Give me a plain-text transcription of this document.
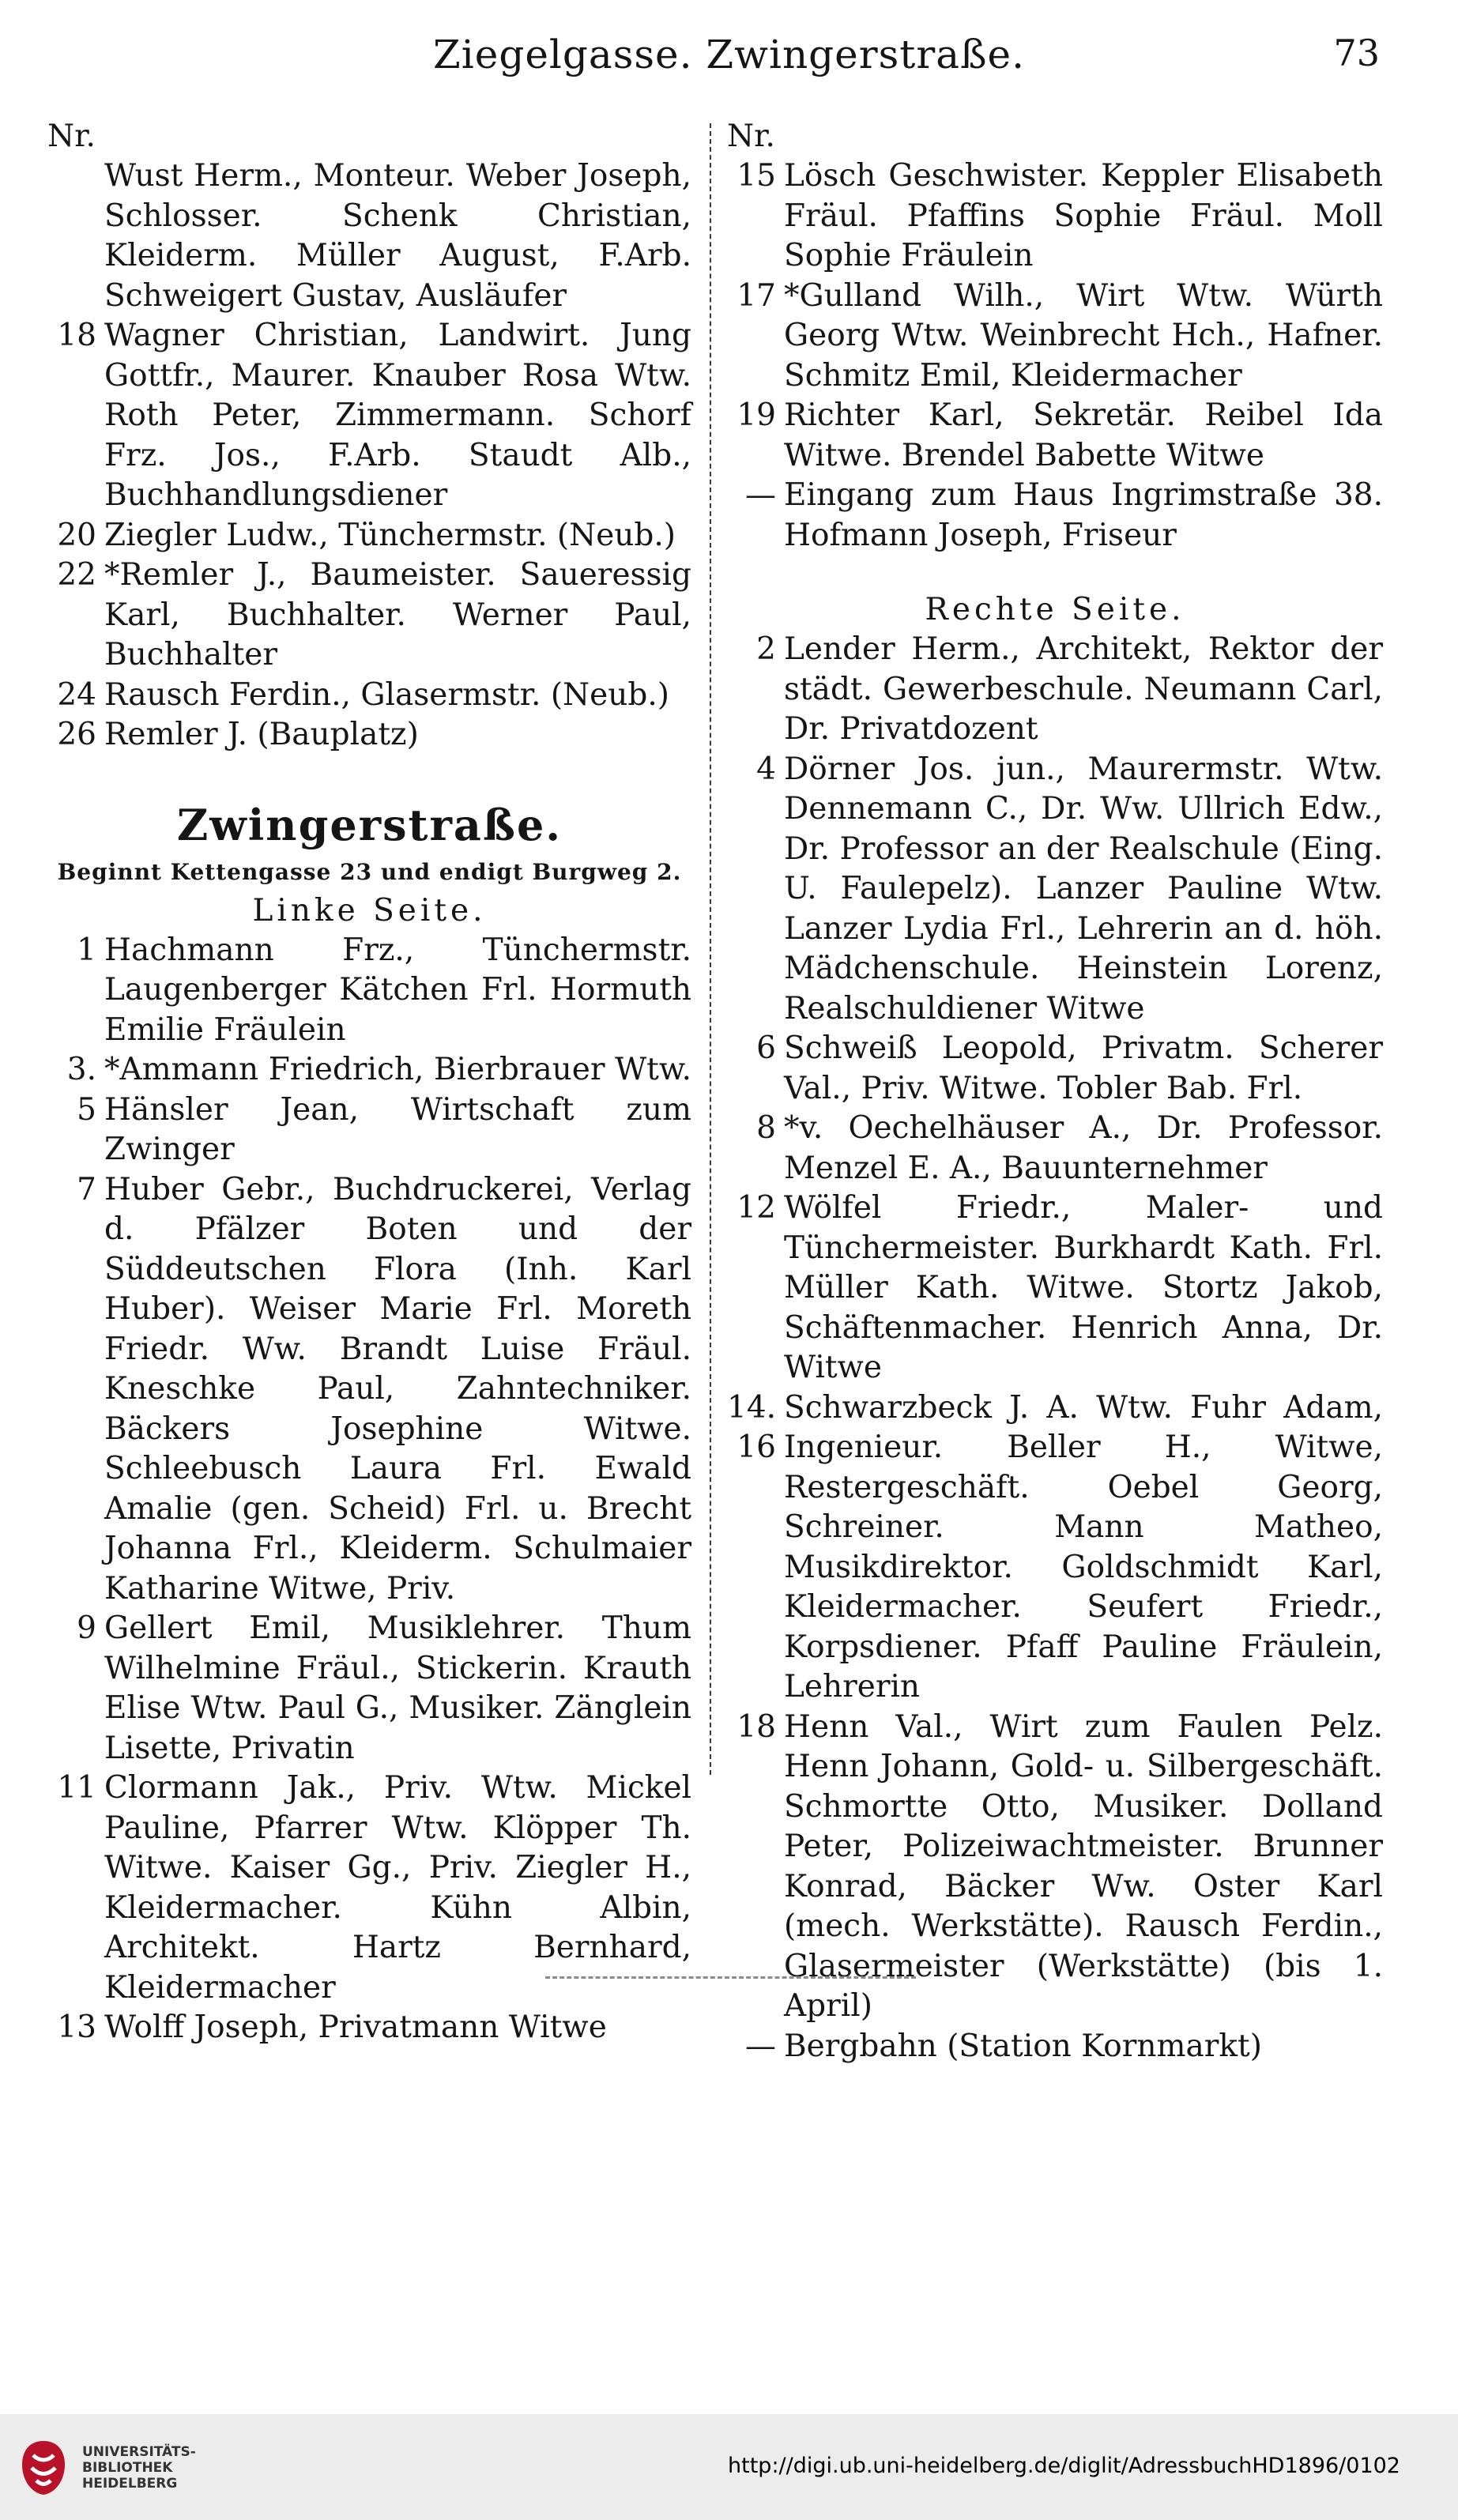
Ziegelgasse. Zwingerstraße.	73
Nr.
Wust Herm., Monteur. Weber Joseph, Schlosser. Schenk Christian, Kleiderm. Müller August, F.Arb. Schweigert Gustav, Ausläufer
18 Wagner Christian, Landwirt. Jung Gottfr., Maurer. Knauber Rosa Wtw. Roth Peter, Zimmermann. Schorf Frz. Jos., F.Arb. Staudt Alb., Buchhandlungsdiener
20 Ziegler Ludw., Tünchermstr. (Neub.)
22 *Remler J., Baumeister. Saueressig Karl, Buchhalter. Werner Paul, Buchhalter
24 Rausch Ferdin., Glasermstr. (Neub.)
26 Remler J. (Bauplatz)
Zwingerstraße.
Beginnt Kettengasse 23 und endigt Burgweg 2.
Linke Seite.
1 Hachmann Frz., Tünchermstr. Laugenberger Kätchen Frl. Hormuth Emilie Fräulein
3. 5
*Ammann Friedrich, Bierbrauer Wtw. Hänsler Jean, Wirtschaft zum Zwinger
7 Huber Gebr., Buchdruckerei, Verlag d. Pfälzer Boten und der Süddeutschen Flora (Inh. Karl Huber). Weiser Marie Frl. Moreth Friedr. Ww. Brandt Luise Fräul. Kneschke Paul, Zahntechniker. Bäckers Josephine Witwe. Schleebusch Laura Frl. Ewald Amalie (gen. Scheid) Frl. u. Brecht Johanna Frl., Kleiderm. Schulmaier Katharine Witwe, Priv.
9 Gellert Emil, Musiklehrer. Thum Wilhelmine Fräul., Stickerin. Krauth Elise Wtw. Paul G., Musiker. Zänglein Lisette, Privatin
11 Clormann Jak., Priv. Wtw. Mickel Pauline, Pfarrer Wtw. Klöpper Th. Witwe. Kaiser Gg., Priv. Ziegler H., Kleidermacher. Kühn Albin, Architekt. Hartz Bernhard, Kleidermacher
13 Wolff Joseph, Privatmann Witwe
Nr.
15 Lösch Geschwister. Keppler Elisabeth Fräul. Pfaffins Sophie Fräul. Moll Sophie Fräulein
17 *Gulland Wilh., Wirt Wtw. Würth Georg Wtw. Weinbrecht Hch., Hafner. Schmitz Emil, Kleidermacher
19 Richter Karl, Sekretär. Reibel Ida Witwe. Brendel Babette Witwe
— Eingang zum Haus Ingrimstraße 38. Hofmann Joseph, Friseur
Rechte Seite.
2 Lender Herm., Architekt, Rektor der städt. Gewerbeschule. Neumann Carl, Dr. Privatdozent
4 Dörner Jos. jun., Maurermstr. Wtw. Dennemann C., Dr. Ww. Ullrich Edw., Dr. Professor an der Realschule (Eing. U. Faulepelz). Lanzer Pauline Wtw. Lanzer Lydia Frl., Lehrerin an d. höh. Mädchenschule. Heinstein Lorenz, Realschuldiener Witwe
6 Schweiß Leopold, Privatm. Scherer Val., Priv. Witwe. Tobler Bab. Frl.
8 *v. Oechelhäuser A., Dr. Professor. Menzel E. A., Bauunternehmer
12 Wölfel Friedr., Maler- und Tünchermeister. Burkhardt Kath. Frl. Müller Kath. Witwe. Stortz Jakob, Schäftenmacher. Henrich Anna, Dr. Witwe
14. 16
Schwarzbeck J. A. Wtw. Fuhr Adam, Ingenieur. Beller H., Witwe, Restergeschäft. Oebel Georg, Schreiner. Mann Matheo, Musikdirektor. Goldschmidt Karl, Kleidermacher. Seufert Friedr., Korpsdiener. Pfaff Pauline Fräulein, Lehrerin
18 Henn Val., Wirt zum Faulen Pelz. Henn Johann, Gold- u. Silbergeschäft. Schmortte Otto, Musiker. Dolland Peter, Polizeiwachtmeister. Brunner Konrad, Bäcker Ww. Oster Karl (mech. Werkstätte). Rausch Ferdin., Glasermeister (Werkstätte) (bis 1. April)
— Bergbahn (Station Kornmarkt)
UNIVERSITÄTS-
BIBLIOTHEK
HEIDELBERG
http://digi.ub.uni-heidelberg.de/diglit/AdressbuchHD1896/0102
